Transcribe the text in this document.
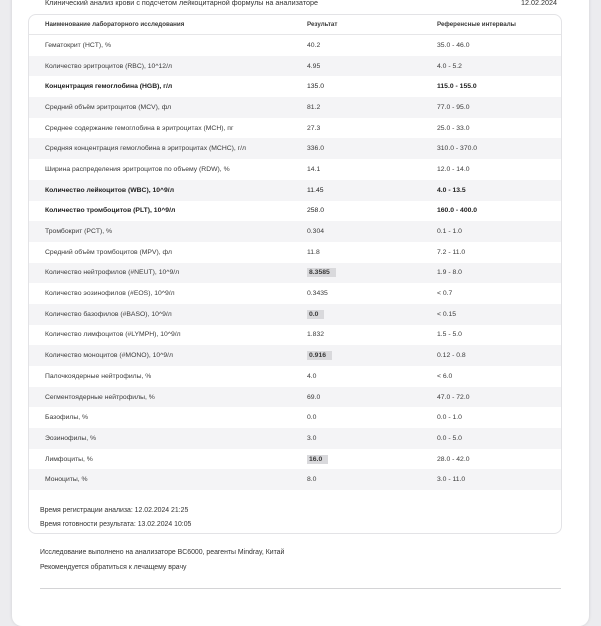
Клинический анализ крови с подсчетом лейкоцитарной формулы на анализаторе	12.02.2024
Наименование лабораторного исследования	Результат	Референсные интервалы
Гематокрит (HCT), %	40.2	35.0 - 46.0
Количество эритроцитов (RBC), 10^12/л	4.95	4.0 - 5.2
Концентрация гемоглобина (HGB), г/л	135.0	115.0 - 155.0
Средний объём эритроцитов (MCV), фл	81.2	77.0 - 95.0
Среднее содержание гемоглобина в эритроцитах (MCH), пг	27.3	25.0 - 33.0
Средняя концентрация гемоглобина в эритроцитах (MCHC), г/л	336.0	310.0 - 370.0
Ширина распределения эритроцитов по объему (RDW), %	14.1	12.0 - 14.0
Количество лейкоцитов (WBC), 10^9/л	11.45	4.0 - 13.5
Количество тромбоцитов (PLT), 10^9/л	258.0	160.0 - 400.0
Тромбокрит (PCT), %	0.304	0.1 - 1.0
Средний объём тромбоцитов (MPV), фл	11.8	7.2 - 11.0
Количество нейтрофилов (#NEUT), 10^9/л	8.3585	1.9 - 8.0
Количество эозинофилов (#EOS), 10^9/л	0.3435	< 0.7
Количество базофилов (#BASO), 10^9/л	0.0	< 0.15
Количество лимфоцитов (#LYMPH), 10^9/л	1.832	1.5 - 5.0
Количество моноцитов (#MONO), 10^9/л	0.916	0.12 - 0.8
Палочкоядерные нейтрофилы, %	4.0	< 6.0
Сегментоядерные нейтрофилы, %	69.0	47.0 - 72.0
Базофилы, %	0.0	0.0 - 1.0
Эозинофилы, %	3.0	0.0 - 5.0
Лимфоциты, %	16.0	28.0 - 42.0
Моноциты, %	8.0	3.0 - 11.0
Время регистрации анализа: 12.02.2024 21:25
Время готовности результата: 13.02.2024 10:05
Исследование выполнено на анализаторе BC6000, реагенты Mindray, Китай
Рекомендуется обратиться к лечащему врачу
